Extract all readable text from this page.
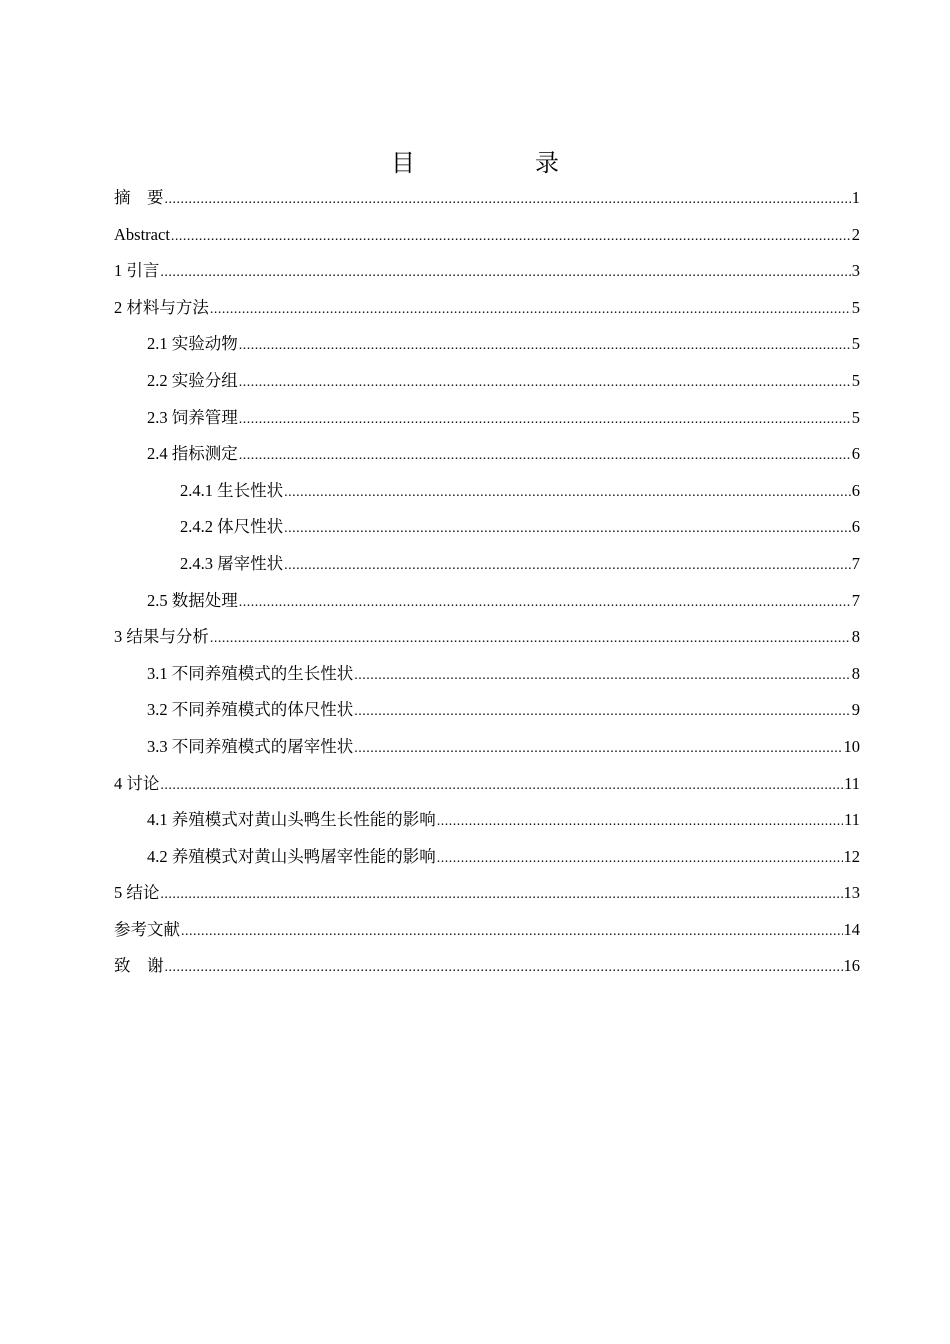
目　录
摘　要 .....	1
Abstract .....	2
1 引言 .....	3
2 材料与方法 .....	5
2.1 实验动物 .....	5
2.2 实验分组 .....	5
2.3 饲养管理 .....	5
2.4 指标测定 .....	6
2.4.1 生长性状 .....	6
2.4.2 体尺性状 .....	6
2.4.3 屠宰性状 .....	7
2.5 数据处理 .....	7
3 结果与分析 .....	8
3.1 不同养殖模式的生长性状 .....	8
3.2 不同养殖模式的体尺性状 .....	9
3.3 不同养殖模式的屠宰性状 .....	10
4 讨论 .....	11
4.1 养殖模式对黄山头鸭生长性能的影响 .....	11
4.2 养殖模式对黄山头鸭屠宰性能的影响 .....	12
5 结论 .....	13
参考文献 .....	14
致　谢 .....	16
